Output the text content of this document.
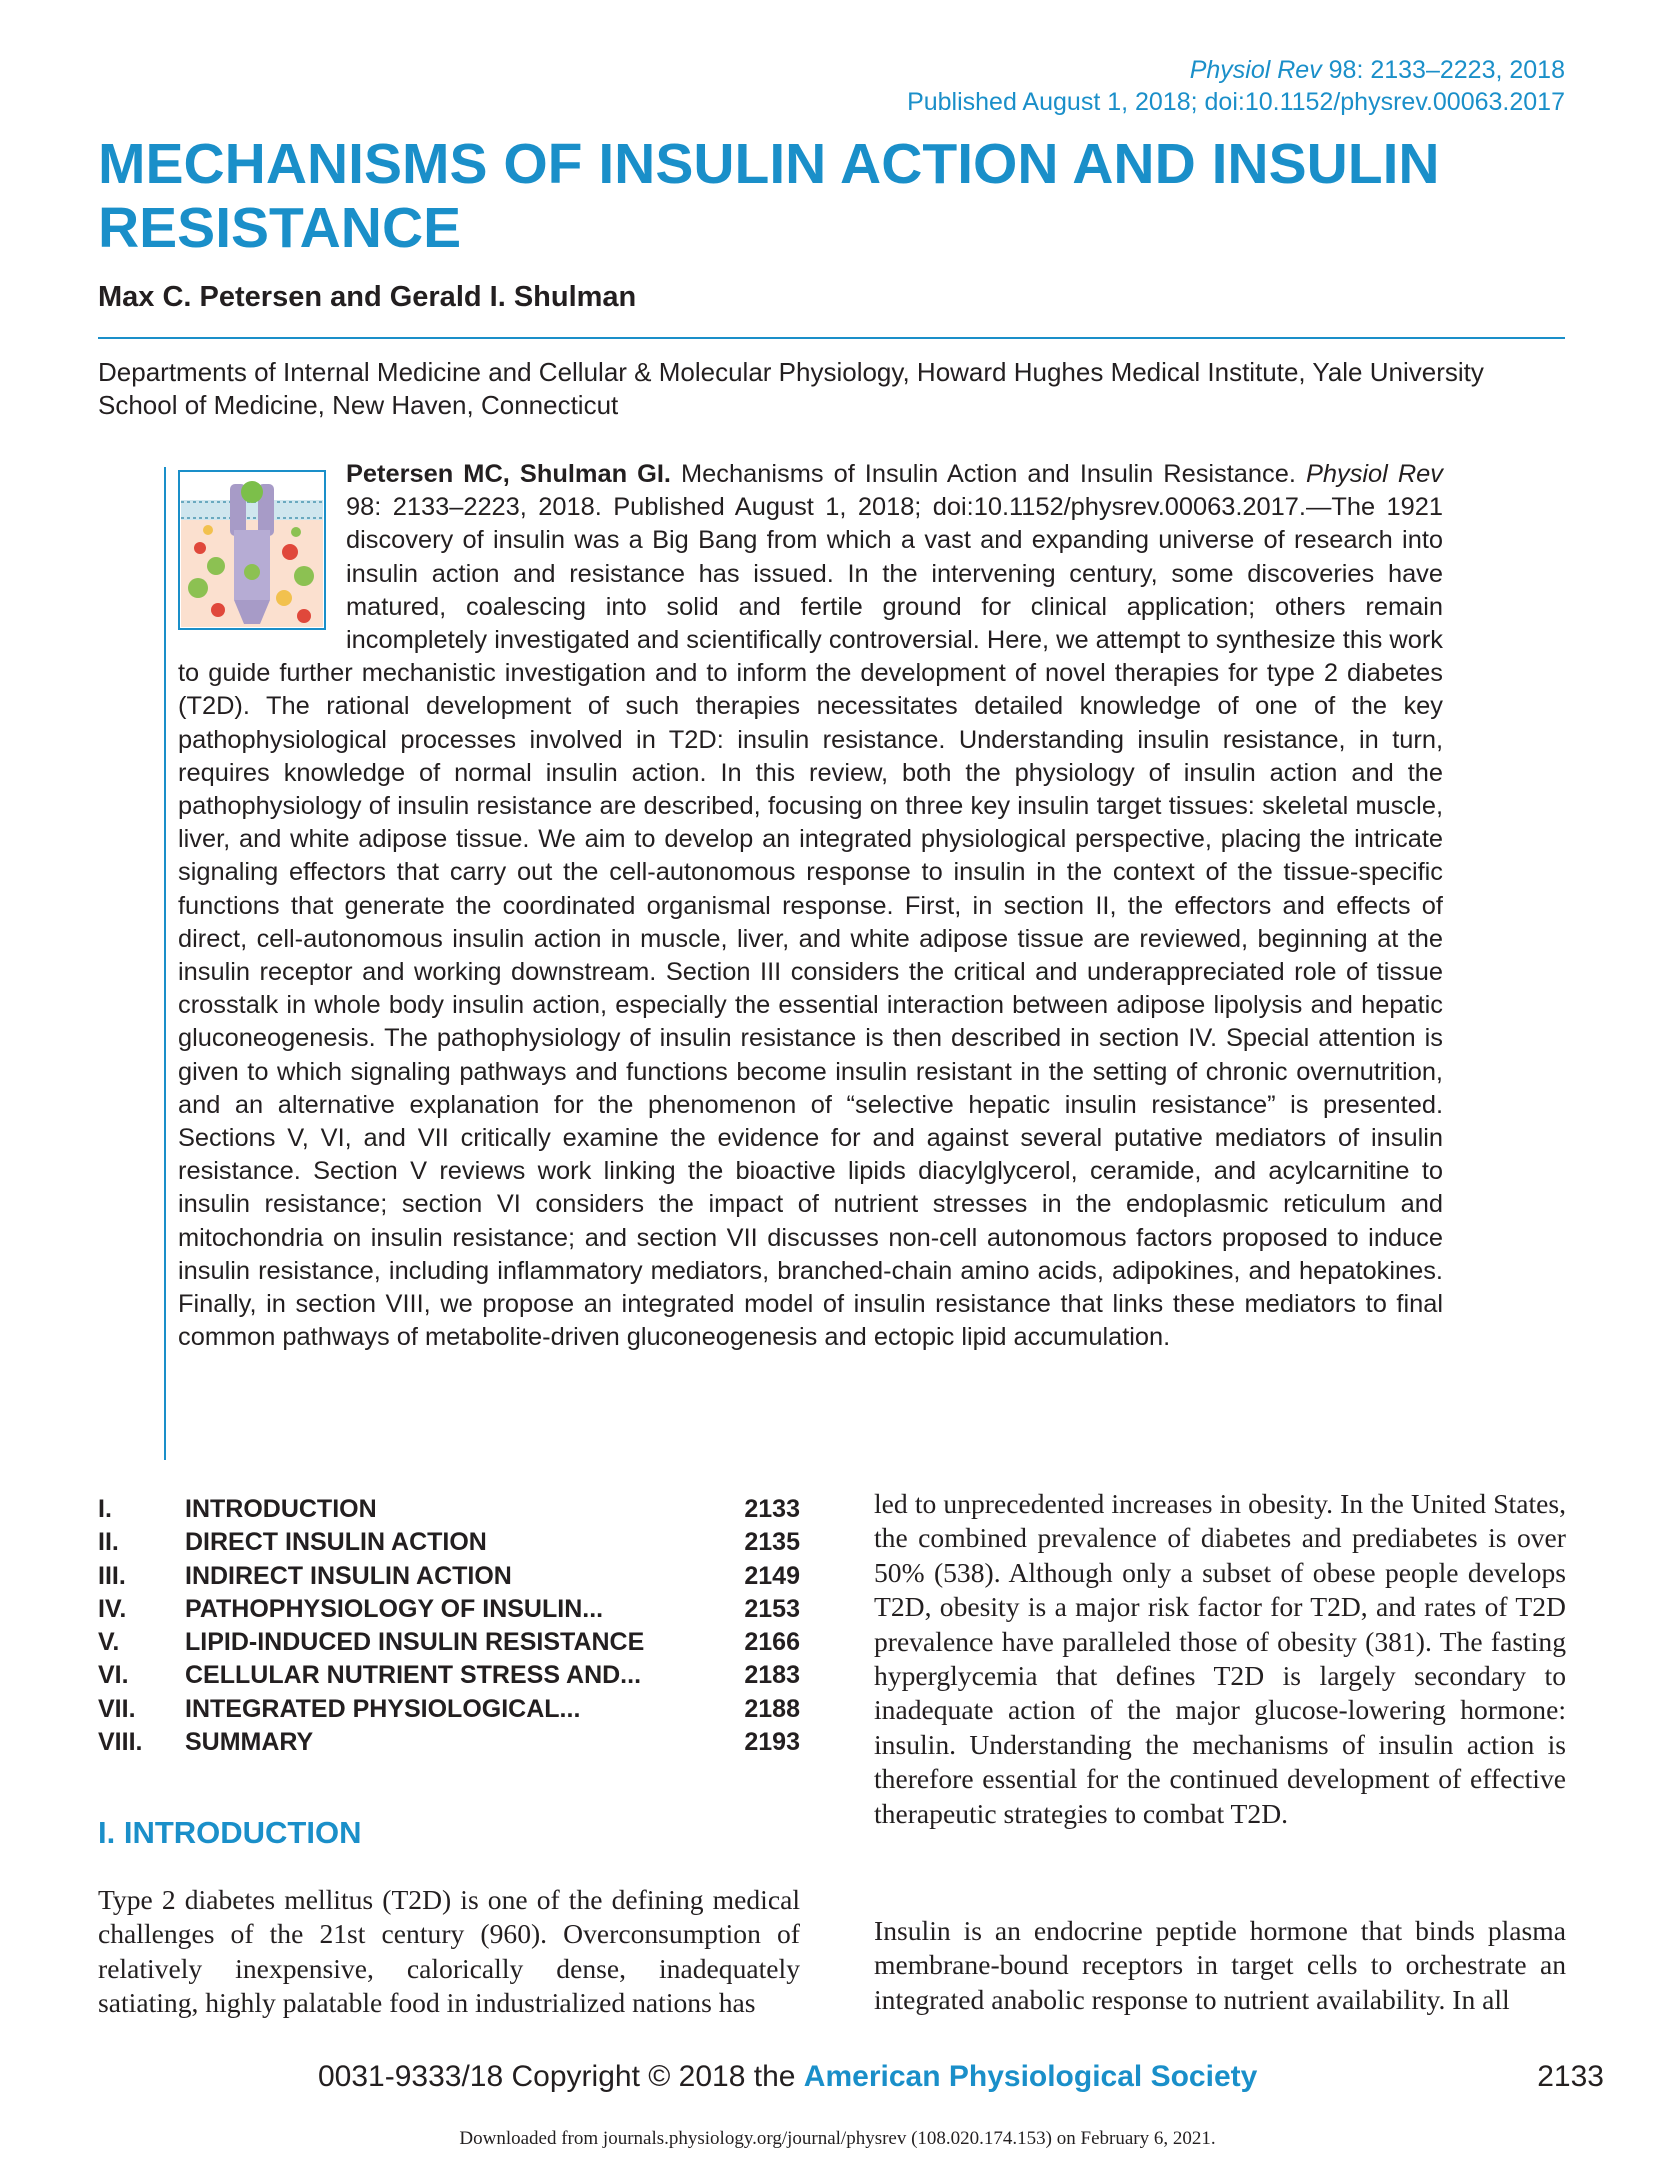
Physiol Rev 98: 2133–2223, 2018
Published August 1, 2018; doi:10.1152/physrev.00063.2017
MECHANISMS OF INSULIN ACTION AND INSULIN RESISTANCE
Max C. Petersen and Gerald I. Shulman
Departments of Internal Medicine and Cellular & Molecular Physiology, Howard Hughes Medical Institute, Yale University School of Medicine, New Haven, Connecticut

Petersen MC, Shulman GI. Mechanisms of Insulin Action and Insulin Resistance. Physiol Rev 98: 2133–2223, 2018. Published August 1, 2018; doi:10.1152/physrev.00063.2017.—The 1921 discovery of insulin was a Big Bang from which a vast and expanding universe of research into insulin action and resistance has issued. In the intervening century, some discoveries have matured, coalescing into solid and fertile ground for clinical application; others remain incompletely investigated and scientifically controversial. Here, we attempt to synthesize this work to guide further mechanistic investigation and to inform the development of novel therapies for type 2 diabetes (T2D). The rational development of such therapies necessitates detailed knowledge of one of the key pathophysiological processes involved in T2D: insulin resistance. Understanding insulin resistance, in turn, requires knowledge of normal insulin action. In this review, both the physiology of insulin action and the pathophysiology of insulin resistance are described, focusing on three key insulin target tissues: skeletal muscle, liver, and white adipose tissue. We aim to develop an integrated physiological perspective, placing the intricate signaling effectors that carry out the cell-autonomous response to insulin in the context of the tissue-specific functions that generate the coordinated organismal response. First, in section II, the effectors and effects of direct, cell-autonomous insulin action in muscle, liver, and white adipose tissue are reviewed, beginning at the insulin receptor and working downstream. Section III considers the critical and underappreciated role of tissue crosstalk in whole body insulin action, especially the essential interaction between adipose lipolysis and hepatic gluconeogenesis. The pathophysiology of insulin resistance is then described in section IV. Special attention is given to which signaling pathways and functions become insulin resistant in the setting of chronic overnutrition, and an alternative explanation for the phenomenon of “selective hepatic insulin resistance” is presented. Sections V, VI, and VII critically examine the evidence for and against several putative mediators of insulin resistance. Section V reviews work linking the bioactive lipids diacylglycerol, ceramide, and acylcarnitine to insulin resistance; section VI considers the impact of nutrient stresses in the endoplasmic reticulum and mitochondria on insulin resistance; and section VII discusses non-cell autonomous factors proposed to induce insulin resistance, including inflammatory mediators, branched-chain amino acids, adipokines, and hepatokines. Finally, in section VIII, we propose an integrated model of insulin resistance that links these mediators to final common pathways of metabolite-driven gluconeogenesis and ectopic lipid accumulation.

I.	INTRODUCTION	2133
II.	DIRECT INSULIN ACTION	2135
III. INDIRECT INSULIN ACTION	2149
IV. PATHOPHYSIOLOGY OF INSULIN...	2153
V.	LIPID-INDUCED INSULIN RESISTANCE	2166
VI. CELLULAR NUTRIENT STRESS AND...	2183
VII. INTEGRATED PHYSIOLOGICAL...	2188
VIII. SUMMARY	2193
I. INTRODUCTION

Type 2 diabetes mellitus (T2D) is one of the defining medical challenges of the 21st century (960). Overconsumption of relatively inexpensive, calorically dense, inadequately satiating, highly palatable food in industrialized nations has

led to unprecedented increases in obesity. In the United States, the combined prevalence of diabetes and prediabetes is over 50% (538). Although only a subset of obese people develops T2D, obesity is a major risk factor for T2D, and rates of T2D prevalence have paralleled those of obesity (381). The fasting hyperglycemia that defines T2D is largely secondary to inadequate action of the major glucose-lowering hormone: insulin. Understanding the mechanisms of insulin action is therefore essential for the continued development of effective therapeutic strategies to combat T2D.

Insulin is an endocrine peptide hormone that binds plasma membrane-bound receptors in target cells to orchestrate an integrated anabolic response to nutrient availability. In all

0031-9333/18 Copyright © 2018 the American Physiological Society	2133
Downloaded from journals.physiology.org/journal/physrev (108.020.174.153) on February 6, 2021.
